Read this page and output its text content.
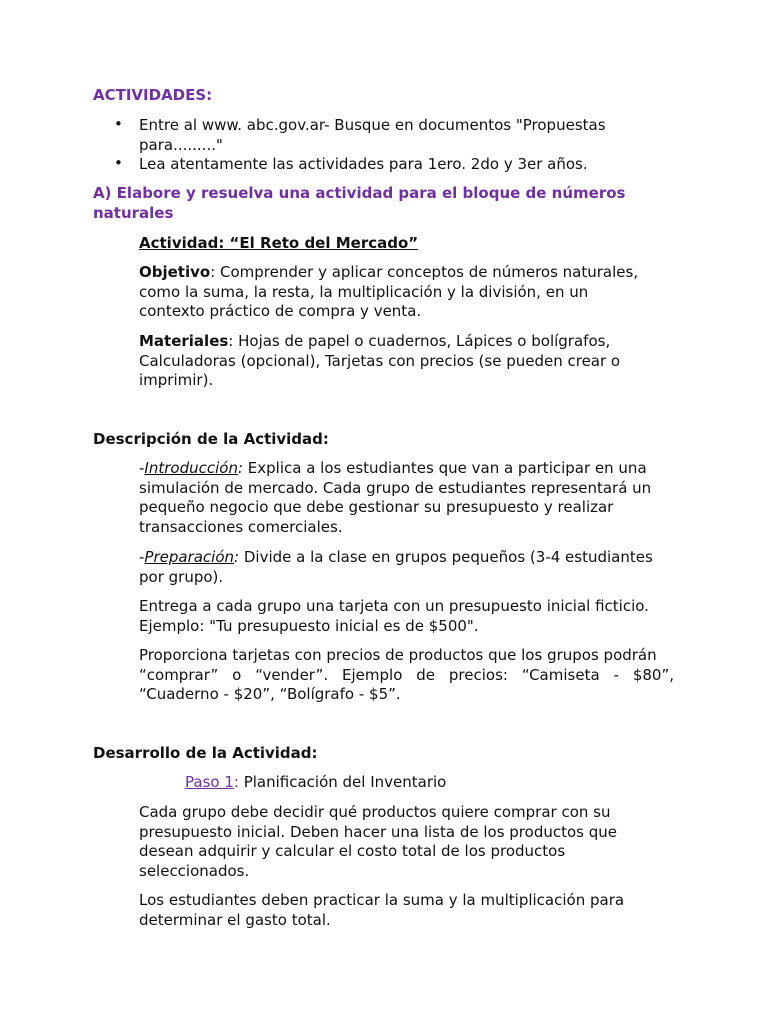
ACTIVIDADES:
• Entre al www. abc.gov.ar- Busque en documentos "Propuestas
para........."
• Lea atentamente las actividades para 1ero. 2do y 3er años.
A) Elabore y resuelva una actividad para el bloque de números
naturales
Actividad: “El Reto del Mercado”
Objetivo: Comprender y aplicar conceptos de números naturales,
como la suma, la resta, la multiplicación y la división, en un
contexto práctico de compra y venta.
Materiales: Hojas de papel o cuadernos, Lápices o bolígrafos,
Calculadoras (opcional), Tarjetas con precios (se pueden crear o
imprimir).
Descripción de la Actividad:
-Introducción: Explica a los estudiantes que van a participar en una
simulación de mercado. Cada grupo de estudiantes representará un
pequeño negocio que debe gestionar su presupuesto y realizar
transacciones comerciales.
-Preparación: Divide a la clase en grupos pequeños (3-4 estudiantes
por grupo).
Entrega a cada grupo una tarjeta con un presupuesto inicial ficticio.
Ejemplo: "Tu presupuesto inicial es de $500".
Proporciona tarjetas con precios de productos que los grupos podrán
“comprar” o “vender”. Ejemplo de precios: “Camiseta - $80”,
“Cuaderno - $20”, “Bolígrafo - $5”.
Desarrollo de la Actividad:
Paso 1: Planificación del Inventario
Cada grupo debe decidir qué productos quiere comprar con su
presupuesto inicial. Deben hacer una lista de los productos que
desean adquirir y calcular el costo total de los productos
seleccionados.
Los estudiantes deben practicar la suma y la multiplicación para
determinar el gasto total.
